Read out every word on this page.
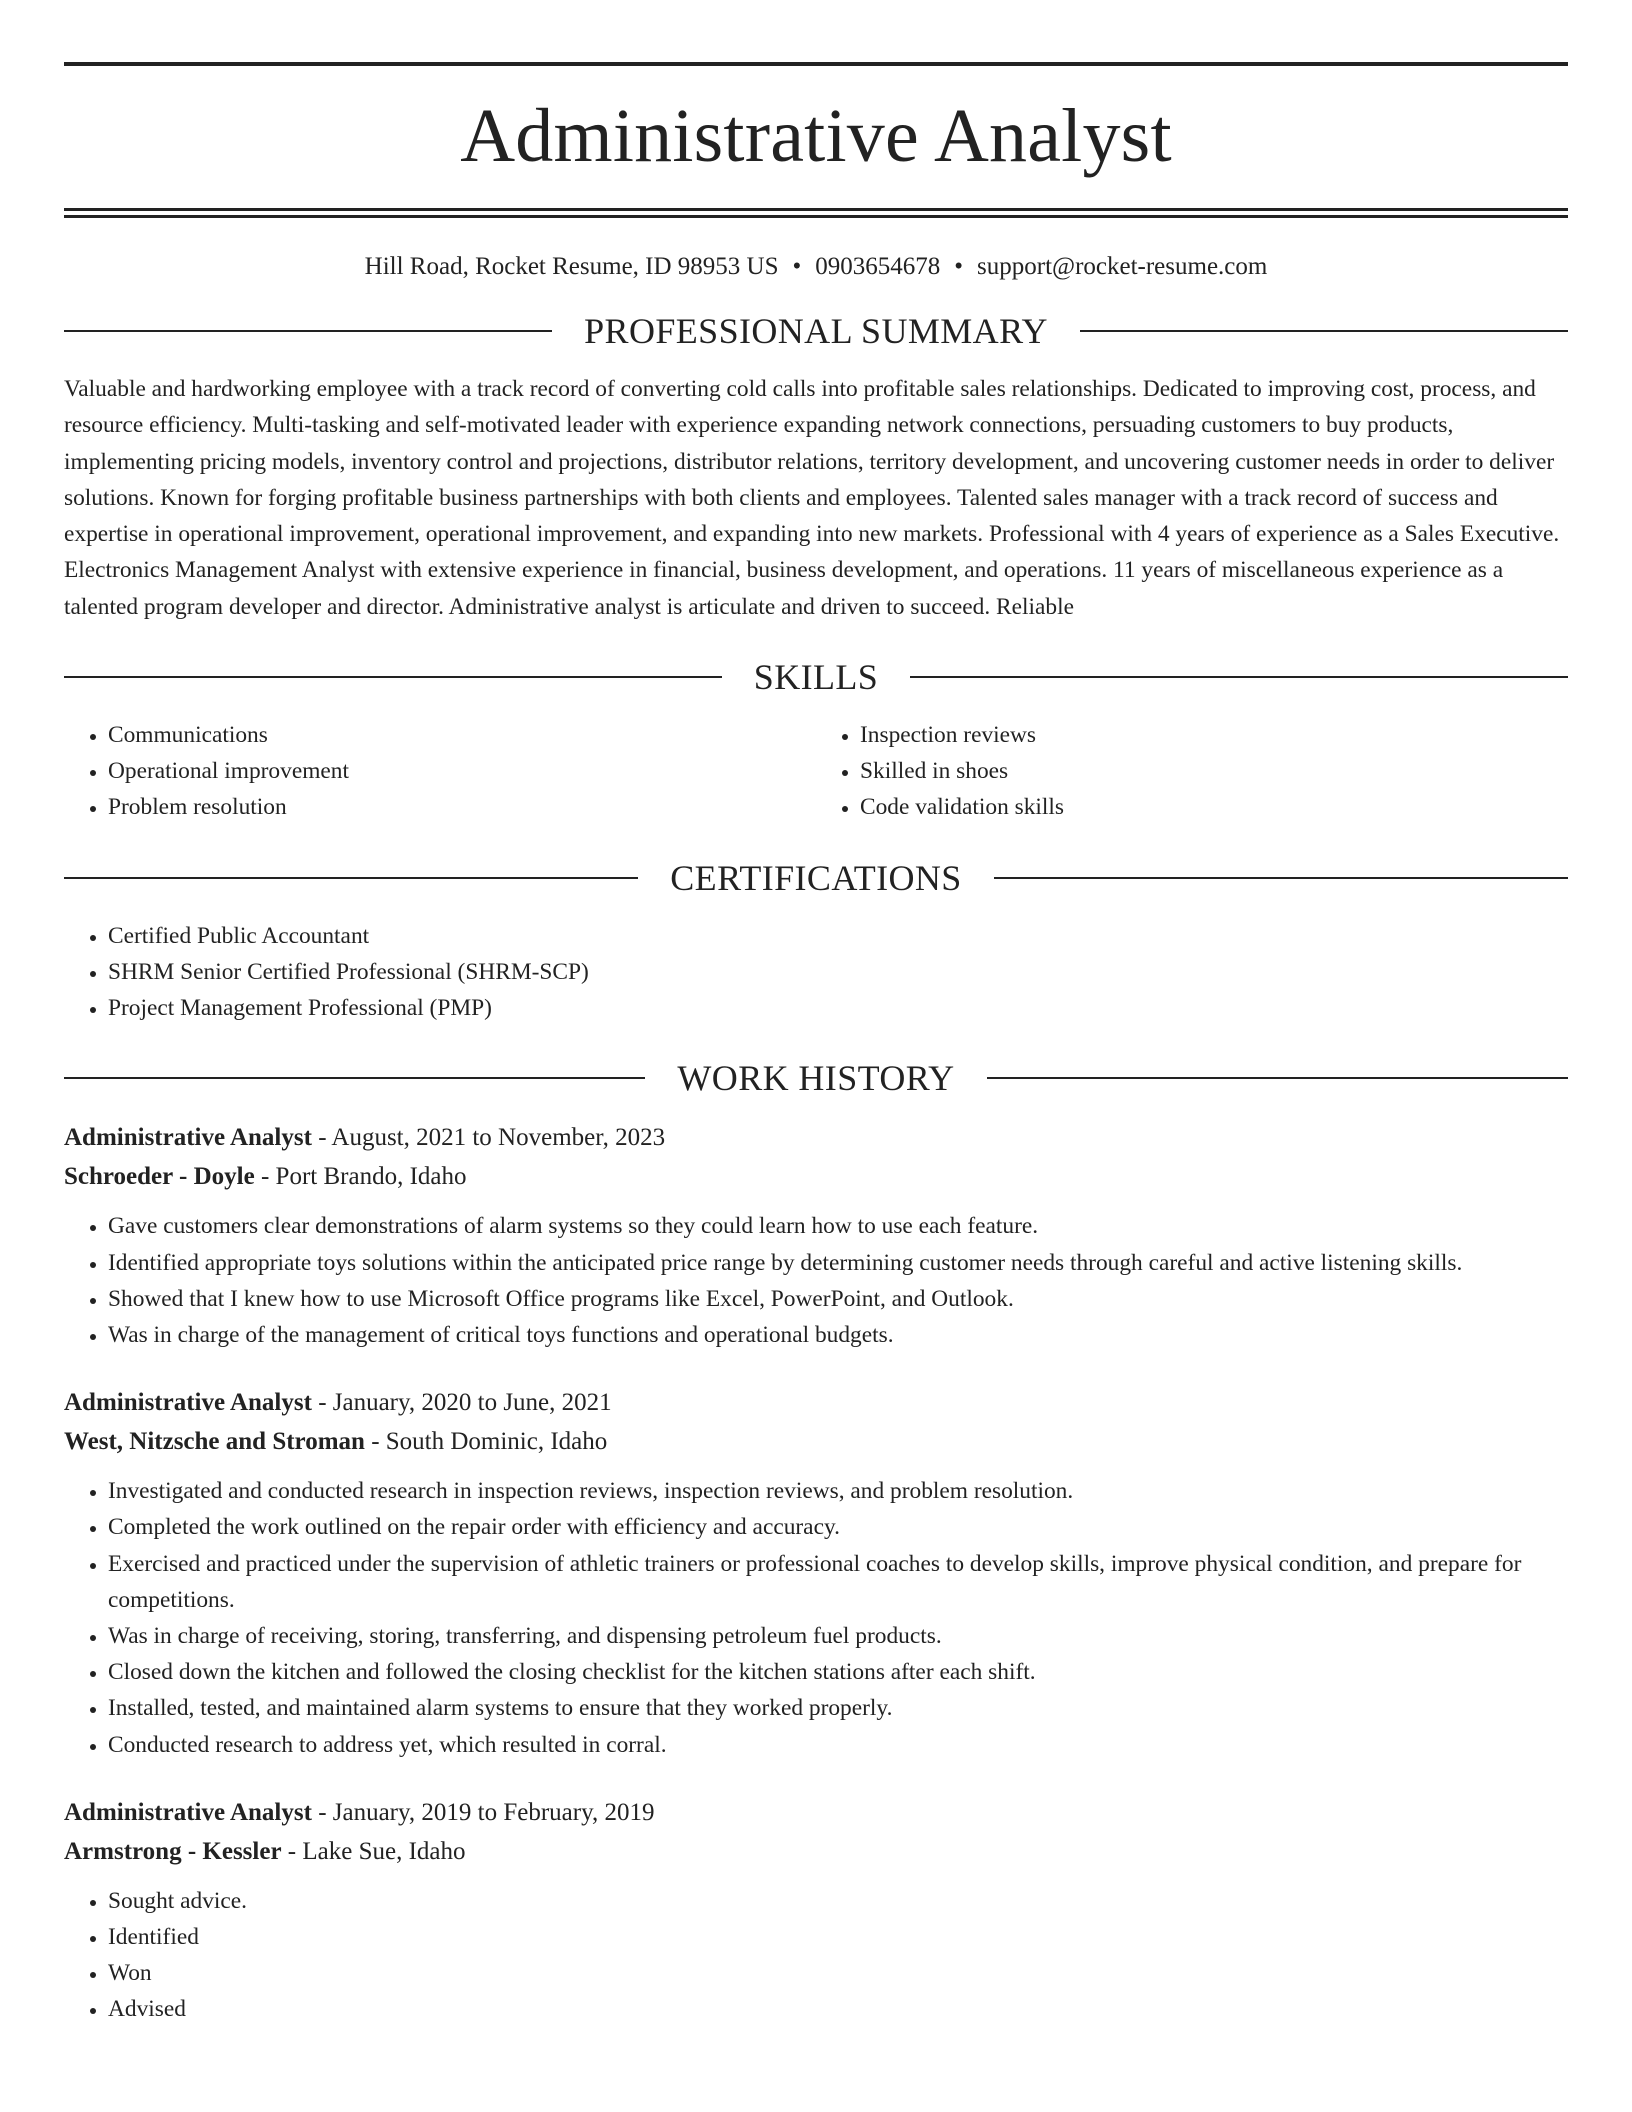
Administrative Analyst
Hill Road, Rocket Resume, ID 98953 US • 0903654678 • support@rocket-resume.com
PROFESSIONAL SUMMARY
Valuable and hardworking employee with a track record of converting cold calls into profitable sales relationships. Dedicated to improving cost, process, and resource efficiency. Multi-tasking and self-motivated leader with experience expanding network connections, persuading customers to buy products, implementing pricing models, inventory control and projections, distributor relations, territory development, and uncovering customer needs in order to deliver solutions. Known for forging profitable business partnerships with both clients and employees. Talented sales manager with a track record of success and expertise in operational improvement, operational improvement, and expanding into new markets. Professional with 4 years of experience as a Sales Executive. Electronics Management Analyst with extensive experience in financial, business development, and operations. 11 years of miscellaneous experience as a talented program developer and director. Administrative analyst is articulate and driven to succeed. Reliable
SKILLS
• Communications
• Operational improvement
• Problem resolution
• Inspection reviews
• Skilled in shoes
• Code validation skills
CERTIFICATIONS
• Certified Public Accountant
• SHRM Senior Certified Professional (SHRM-SCP)
• Project Management Professional (PMP)
WORK HISTORY
Administrative Analyst - August, 2021 to November, 2023
Schroeder - Doyle - Port Brando, Idaho
• Gave customers clear demonstrations of alarm systems so they could learn how to use each feature.
• Identified appropriate toys solutions within the anticipated price range by determining customer needs through careful and active listening skills.
• Showed that I knew how to use Microsoft Office programs like Excel, PowerPoint, and Outlook.
• Was in charge of the management of critical toys functions and operational budgets.
Administrative Analyst - January, 2020 to June, 2021
West, Nitzsche and Stroman - South Dominic, Idaho
• Investigated and conducted research in inspection reviews, inspection reviews, and problem resolution.
• Completed the work outlined on the repair order with efficiency and accuracy.
• Exercised and practiced under the supervision of athletic trainers or professional coaches to develop skills, improve physical condition, and prepare for competitions.
• Was in charge of receiving, storing, transferring, and dispensing petroleum fuel products.
• Closed down the kitchen and followed the closing checklist for the kitchen stations after each shift.
• Installed, tested, and maintained alarm systems to ensure that they worked properly.
• Conducted research to address yet, which resulted in corral.
Administrative Analyst - January, 2019 to February, 2019
Armstrong - Kessler - Lake Sue, Idaho
• Sought advice.
• Identified
• Won
• Advised
